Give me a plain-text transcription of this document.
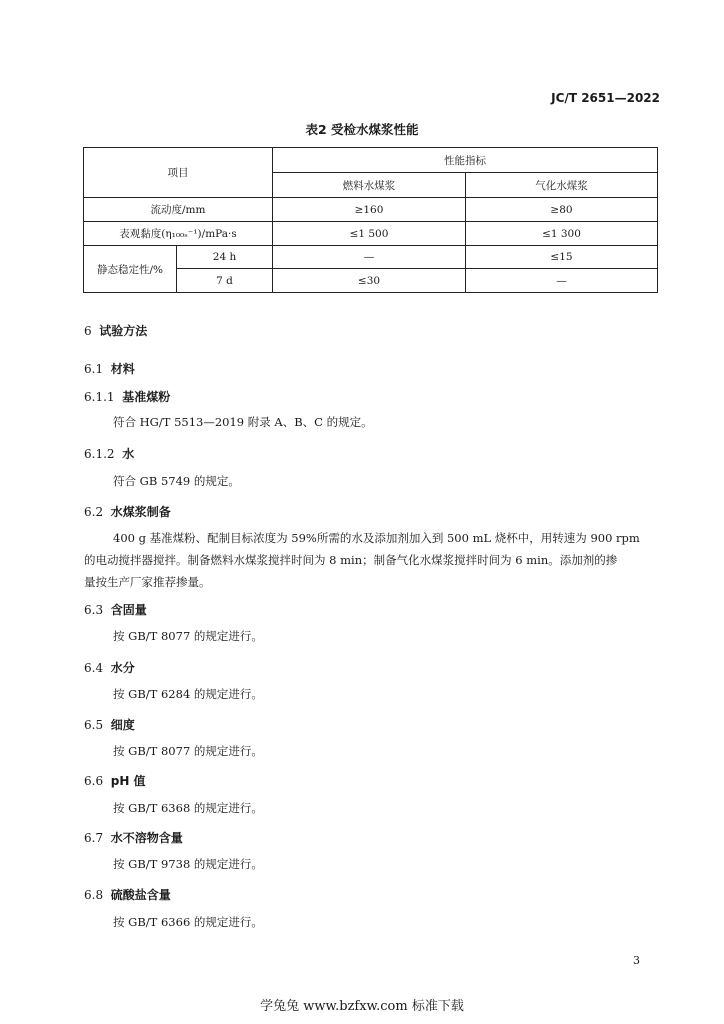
JC/T 2651—2022
表2 受检水煤浆性能
项目		性能指标	
		燃料水煤浆	气化水煤浆
流动度/mm		≥160	≥80
表观黏度(η₁₀₀ₛ⁻¹)/mPa·s		≤1 500	≤1 300
静态稳定性/%	24 h	—	≤15
	7 d	≤30	—
6 试验方法
6.1 材料
6.1.1 基准煤粉
符合 HG/T 5513—2019 附录 A、B、C 的规定。
6.1.2 水
符合 GB 5749 的规定。
6.2 水煤浆制备
400 g 基准煤粉、配制目标浓度为 59%所需的水及添加剂加入到 500 mL 烧杯中，用转速为 900 rpm
的电动搅拌器搅拌。制备燃料水煤浆搅拌时间为 8 min；制备气化水煤浆搅拌时间为 6 min。添加剂的掺
量按生产厂家推荐掺量。
6.3 含固量
按 GB/T 8077 的规定进行。
6.4 水分
按 GB/T 6284 的规定进行。
6.5 细度
按 GB/T 8077 的规定进行。
6.6 pH 值
按 GB/T 6368 的规定进行。
6.7 水不溶物含量
按 GB/T 9738 的规定进行。
6.8 硫酸盐含量
按 GB/T 6366 的规定进行。
3
学兔兔 www.bzfxw.com 标准下载
